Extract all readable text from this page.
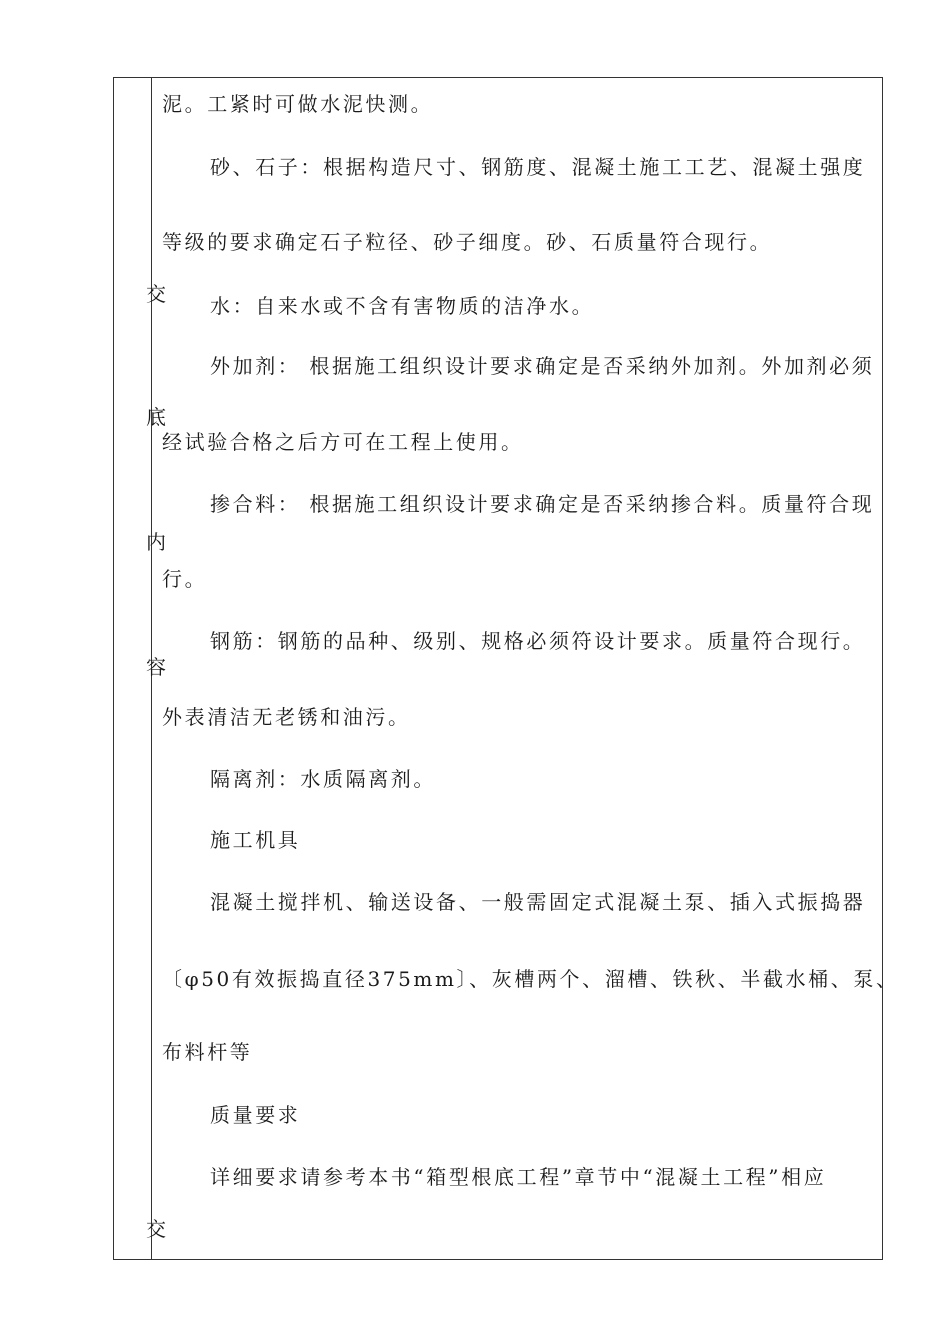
交
底
内
容
交
泥。工紧时可做水泥快测。
砂、石子：根据构造尺寸、钢筋度、混凝土施工工艺、混凝土强度
等级的要求确定石子粒径、砂子细度。砂、石质量符合现行。
水：自来水或不含有害物质的洁净水。
外加剂： 根据施工组织设计要求确定是否采纳外加剂。外加剂必须
经试验合格之后方可在工程上使用。
掺合料： 根据施工组织设计要求确定是否采纳掺合料。质量符合现
行。
钢筋：钢筋的品种、级别、规格必须符设计要求。质量符合现行。
外表清洁无老锈和油污。
隔离剂：水质隔离剂。
施工机具
混凝土搅拌机、输送设备、一般需固定式混凝土泵、插入式振捣器
〔φ50有效振捣直径375mm〕、灰槽两个、溜槽、铁秋、半截水桶、泵、
布料杆等
质量要求
详细要求请参考本书“箱型根底工程”章节中“混凝土工程”相应
